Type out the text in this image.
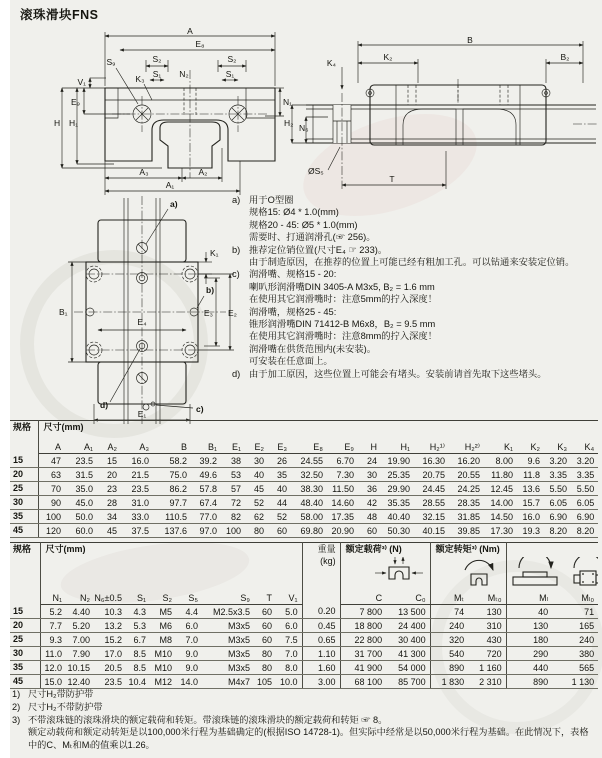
滚珠滑块FNS
A
E₈
S₂	S₂
S₁	S₁
N₂
S₉
K₃
V₁
E₉
H H₁
N₁
A₃	A₂
A₁
B
K₂	B₂
K₄
H₂ N₆
ØS₅
T
B₁
K₁
E₃ E₂
E₄
E₁
a)
b)
c)
d)
a) 用于O型圈
规格15: Ø4 * 1.0(mm)
规格20 - 45: Ø5 * 1.0(mm)
需要时、打通润滑孔(☞ 256)。
b) 推荐定位销位置(尺寸E₄ ☞ 233)。
由于制造原因，在推荐的位置上可能已经有粗加工孔。可以钻通来安装定位销。
c) 润滑嘴、规格15 - 20:
喇叭形润滑嘴DIN 3405-A M3x5, B₂ = 1.6 mm
在使用其它润滑嘴时：注意5mm的拧入深度！
润滑嘴，规格25 - 45:
锥形润滑嘴DIN 71412-B M6x8，B₂ = 9.5 mm
在使用其它润滑嘴时：注意8mm的拧入深度！
润滑嘴在供货范围内(未安装)。
可安装在任意面上。
d) 由于加工原因，这些位置上可能会有堵头。安装前请首先取下这些堵头。
规格	尺寸(mm)																		
	A	A₁	A₂	A₃	B	B₁	E₁	E₂	E₃	E₈	E₉	H	H₁	H₂¹⁾	H₂²⁾	K₁	K₂	K₃	K₄
15	47	23.5	15	16.0	58.2	39.2	38	30	26	24.55	6.70	24	19.90	16.30	16.20	8.00	9.6	3.20	3.20
20	63	31.5	20	21.5	75.0	49.6	53	40	35	32.50	7.30	30	25.35	20.75	20.55	11.80	11.8	3.35	3.35
25	70	35.0	23	23.5	86.2	57.8	57	45	40	38.30	11.50	36	29.90	24.45	24.25	12.45	13.6	5.50	5.50
30	90	45.0	28	31.0	97.7	67.4	72	52	44	48.40	14.60	42	35.35	28.55	28.35	14.00	15.7	6.05	6.05
35	100	50.0	34	33.0	110.5	77.0	82	62	52	58.00	17.35	48	40.40	32.15	31.85	14.50	16.0	6.90	6.90
45	120	60.0	45	37.5	137.6	97.0	100	80	60	69.80	20.90	60	50.30	40.15	39.85	17.30	19.3	8.20	8.20
规格	尺寸(mm)									重量
(kg)	额定载荷³⁾ (N)		额定转矩³⁾ (Nm)			

	N₁	N₂	N₆±0.5	S₁	S₂	S₅	S₉	T	V₁		C	C₀	Mₜ	Mₜ₀	Mₗ	Mₗ₀
15	5.2	4.40	10.3	4.3	M5	4.4	M2.5x3.5	60	5.0	0.20	7 800	13 500	74	130	40	71
20	7.7	5.20	13.2	5.3	M6	6.0	M3x5	60	6.0	0.45	18 800	24 400	240	310	130	165
25	9.3	7.00	15.2	6.7	M8	7.0	M3x5	60	7.5	0.65	22 800	30 400	320	430	180	240
30	11.0	7.90	17.0	8.5	M10	9.0	M3x5	80	7.0	1.10	31 700	41 300	540	720	290	380
35	12.0	10.15	20.5	8.5	M10	9.0	M3x5	80	8.0	1.60	41 900	54 000	890	1 160	440	565
45	15.0	12.40	23.5	10.4	M12	14.0	M4x7	105	10.0	3.00	68 100	85 700	1 830	2 310	890	1 130
1) 尺寸H₂带防护带
2) 尺寸H₂不带防护带
3) 不带滚珠链的滚珠滑块的额定载荷和转矩。带滚珠链的滚珠滑块的额定载荷和转矩 ☞ 8。
额定动载荷和额定动转矩是以100,000米行程为基础确定的(根据ISO 14728-1)。但实际中经常是以50,000米行程为基础。在此情况下，表格中的C、Mₜ和Mₗ的值乘以1.26。
